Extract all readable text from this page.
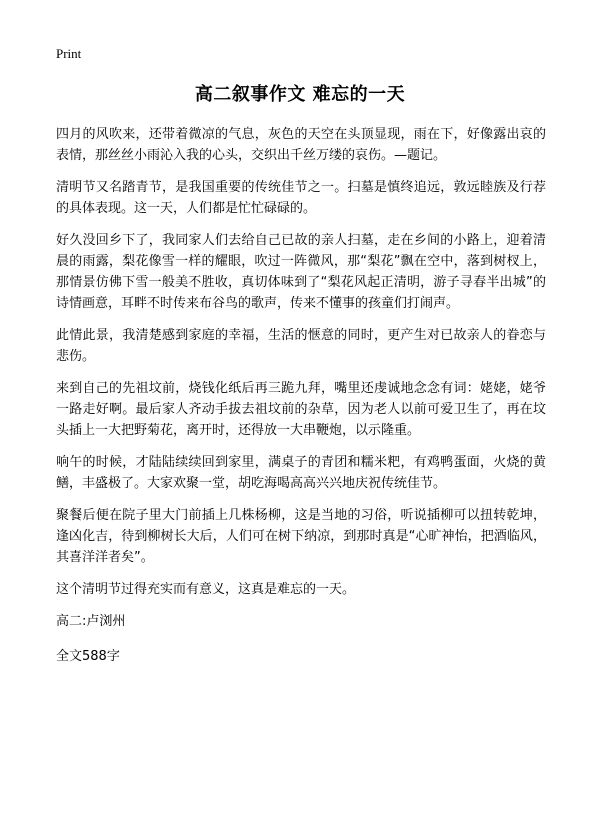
Print
高二叙事作文 难忘的一天

四月的风吹来，还带着微凉的气息，灰色的天空在头顶显现，雨在下，好像露出哀的表情，那丝丝小雨沁入我的心头，交织出千丝万缕的哀伤。—题记。

清明节又名踏青节，是我国重要的传统佳节之一。扫墓是慎终追远，敦远睦族及行荐的具体表现。这一天，人们都是忙忙碌碌的。

好久没回乡下了，我同家人们去给自己已故的亲人扫墓，走在乡间的小路上，迎着清晨的雨露，梨花像雪一样的耀眼，吹过一阵微风，那“梨花”飘在空中，落到树杈上，那情景仿佛下雪一般美不胜收，真切体味到了“梨花风起正清明，游子寻春半出城”的诗情画意，耳畔不时传来布谷鸟的歌声，传来不懂事的孩童们打闹声。

此情此景，我清楚感到家庭的幸福，生活的惬意的同时，更产生对已故亲人的眷恋与悲伤。

来到自己的先祖坟前，烧钱化纸后再三跪九拜，嘴里还虔诚地念念有词：姥姥，姥爷一路走好啊。最后家人齐动手拔去祖坟前的杂草，因为老人以前可爱卫生了，再在坟头插上一大把野菊花，离开时，还得放一大串鞭炮，以示隆重。

响午的时候，才陆陆续续回到家里，满桌子的青团和糯米粑，有鸡鸭蛋面，火烧的黄鳝，丰盛极了。大家欢聚一堂，胡吃海喝高高兴兴地庆祝传统佳节。

聚餐后便在院子里大门前插上几株杨柳，这是当地的习俗，听说插柳可以扭转乾坤，逢凶化吉，待到柳树长大后，人们可在树下纳凉，到那时真是“心旷神怡，把酒临风，其喜洋洋者矣”。

这个清明节过得充实而有意义，这真是难忘的一天。

高二:卢浏州

全文588字
